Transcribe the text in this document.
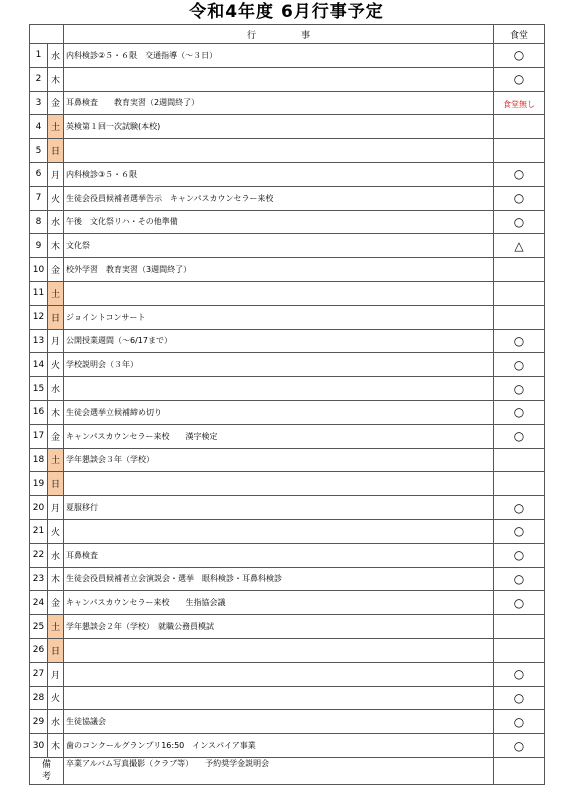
令和4年度 6月行事予定
		行　　　　　事	食堂
1	水	内科検診②５・６限　交通指導（～３日）	○
2	木		○
3	金	耳鼻検査　　教育実習（2週間終了）	食堂無し
4	土	英検第１回一次試験(本校)	
5	日		
6	月	内科検診③５・６限	○
7	火	生徒会役員候補者選挙告示　キャンパスカウンセラー来校	○
8	水	午後　文化祭リハ・その他準備	○
9	木	文化祭	△
10	金	校外学習　教育実習（3週間終了）	
11	土		
12	日	ジョイントコンサート	
13	月	公開授業週間（～6/17まで）	○
14	火	学校説明会（３年）	○
15	水		○
16	木	生徒会選挙立候補締め切り	○
17	金	キャンパスカウンセラー来校　　漢字検定	○
18	土	学年懇談会３年（学校）	
19	日		
20	月	夏服移行	○
21	火		○
22	水	耳鼻検査	○
23	木	生徒会役員候補者立会演説会・選挙　眼科検診・耳鼻科検診	○
24	金	キャンパスカウンセラー来校　　生指協会議	○
25	土	学年懇談会２年（学校）　就職公務員模試	
26	日		
27	月		○
28	火		○
29	水	生徒協議会	○
30	木	歯のコンクールグランプリ16:50　インスパイア事業	○
備
考		卒業アルバム写真撮影（クラブ等）　　予約奨学金説明会	
